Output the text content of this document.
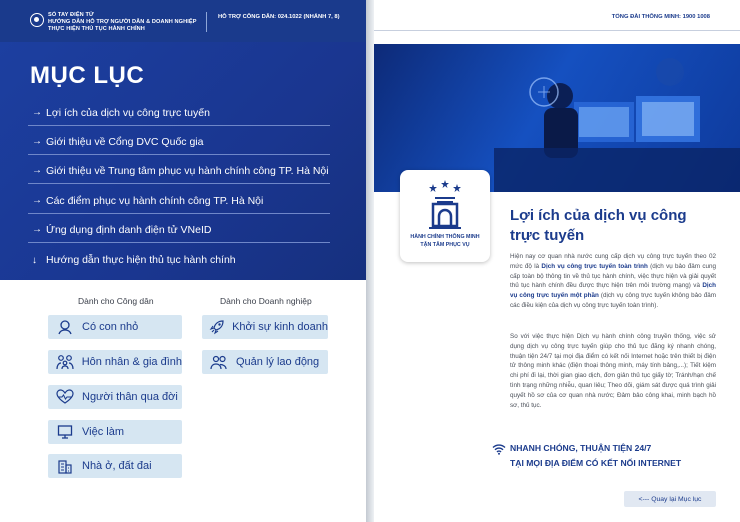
SỔ TAY ĐIỆN TỬ
HƯỚNG DẪN HỖ TRỢ NGƯỜI DÂN & DOANH NGHIỆP
THỰC HIỆN THỦ TỤC HÀNH CHÍNH
HỖ TRỢ CÔNG DÂN: 024.1022 (NHÁNH 7, 8)
MỤC LỤC
→ Lợi ích của dịch vụ công trực tuyến
→ Giới thiệu về Cổng DVC Quốc gia
→ Giới thiệu về Trung tâm phục vụ hành chính công TP. Hà Nội
→ Các điểm phục vụ hành chính công TP. Hà Nội
→ Ứng dụng định danh điện tử VNeID
↓ Hướng dẫn thực hiện thủ tục hành chính
Dành cho Công dân	Dành cho Doanh nghiệp
Có con nhỏ
Hôn nhân & gia đình
Người thân qua đời
Việc làm
Nhà ở, đất đai
Khởi sự kinh doanh
Quản lý lao động
TỔNG ĐÀI THÔNG MINH: 1900 1008
HÀNH CHÍNH THÔNG MINH
TẬN TÂM PHỤC VỤ
Lợi ích của dịch vụ công
trực tuyến
Hiện nay cơ quan nhà nước cung cấp dịch vụ công trực tuyến theo 02 mức độ là Dịch vụ công trực tuyến toàn trình (dịch vụ bảo đảm cung cấp toàn bộ thông tin về thủ tục hành chính, việc thực hiện và giải quyết thủ tục hành chính đều được thực hiện trên môi trường mạng) và Dịch vụ công trực tuyến một phần (dịch vụ công trực tuyến không bảo đảm các điều kiện của dịch vụ công trực tuyến toàn trình).
So với việc thực hiện Dịch vụ hành chính công truyền thống, việc sử dụng dịch vụ công trực tuyến giúp cho thủ tục đăng ký nhanh chóng, thuận tiện 24/7 tại mọi địa điểm có kết nối Internet hoặc trên thiết bị điện tử thông minh khác (điện thoại thông minh, máy tính bảng,...); Tiết kiệm chi phí đi lại, thời gian giao dịch, đơn giản thủ tục giấy tờ; Tránh/hạn chế tình trạng những nhiễu, quan liêu; Theo dõi, giám sát được quá trình giải quyết hồ sơ của cơ quan nhà nước; Đảm bảo công khai, minh bạch hồ sơ, thủ tục.
NHANH CHÓNG, THUẬN TIỆN 24/7
TẠI MỌI ĐỊA ĐIỂM CÓ KẾT NỐI INTERNET
<--- Quay lại Mục lục
